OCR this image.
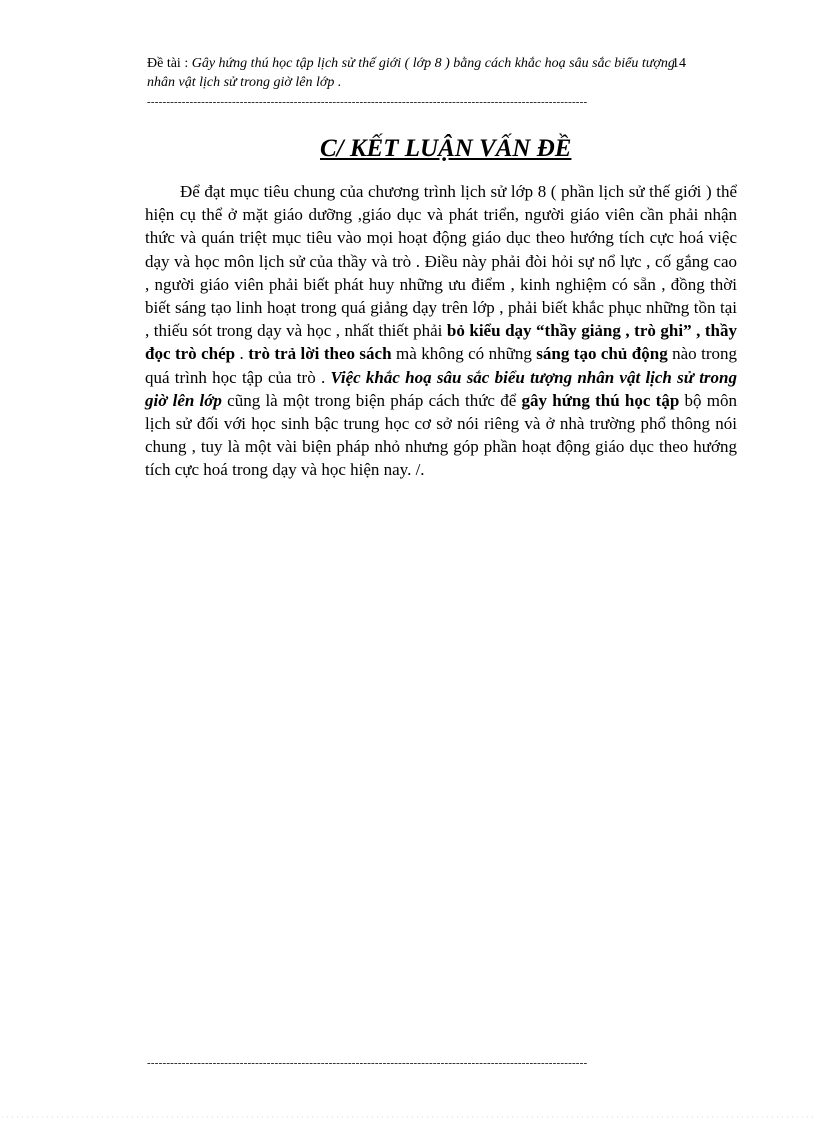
Đề tài : Gây hứng thú học tập lịch sử thế giới ( lớp 8 ) bằng cách khắc hoạ sâu sắc biểu tượng nhân vật lịch sử trong giờ lên lớp .
14
------------------------------------------------------------------------------------------------------------------
C/ KẾT LUẬN VẤN ĐỀ
Để đạt mục tiêu chung của chương trình lịch sử lớp 8 ( phần lịch sử thế giới ) thể hiện cụ thể ở mặt giáo dưỡng ,giáo dục và phát triển, người giáo viên cần phải nhận thức và quán triệt mục tiêu vào mọi hoạt động giáo dục theo hướng tích cực hoá việc dạy và học môn lịch sử của thầy và trò . Điều này phải đòi hỏi sự nổ lực , cố gắng cao , người giáo viên phải biết phát huy những ưu điểm , kinh nghiệm có sẵn , đồng thời biết sáng tạo linh hoạt trong quá giảng dạy trên lớp , phải biết khắc phục những tồn tại , thiếu sót trong dạy và học , nhất thiết phải bỏ kiểu dạy “thầy giảng , trò ghi” , thầy đọc trò chép . trò trả lời theo sách mà không có những sáng tạo chủ động nào trong quá trình học tập của trò . Việc khắc hoạ sâu sắc biểu tượng nhân vật lịch sử trong giờ lên lớp cũng là một trong biện pháp cách thức để gây hứng thú học tập bộ môn lịch sử đối với học sinh bậc trung học cơ sở nói riêng và ở nhà trường phổ thông nói chung , tuy là một vài biện pháp nhỏ nhưng góp phần hoạt động giáo dục theo hướng tích cực hoá trong dạy và học hiện nay. /.
------------------------------------------------------------------------------------------------------------------
